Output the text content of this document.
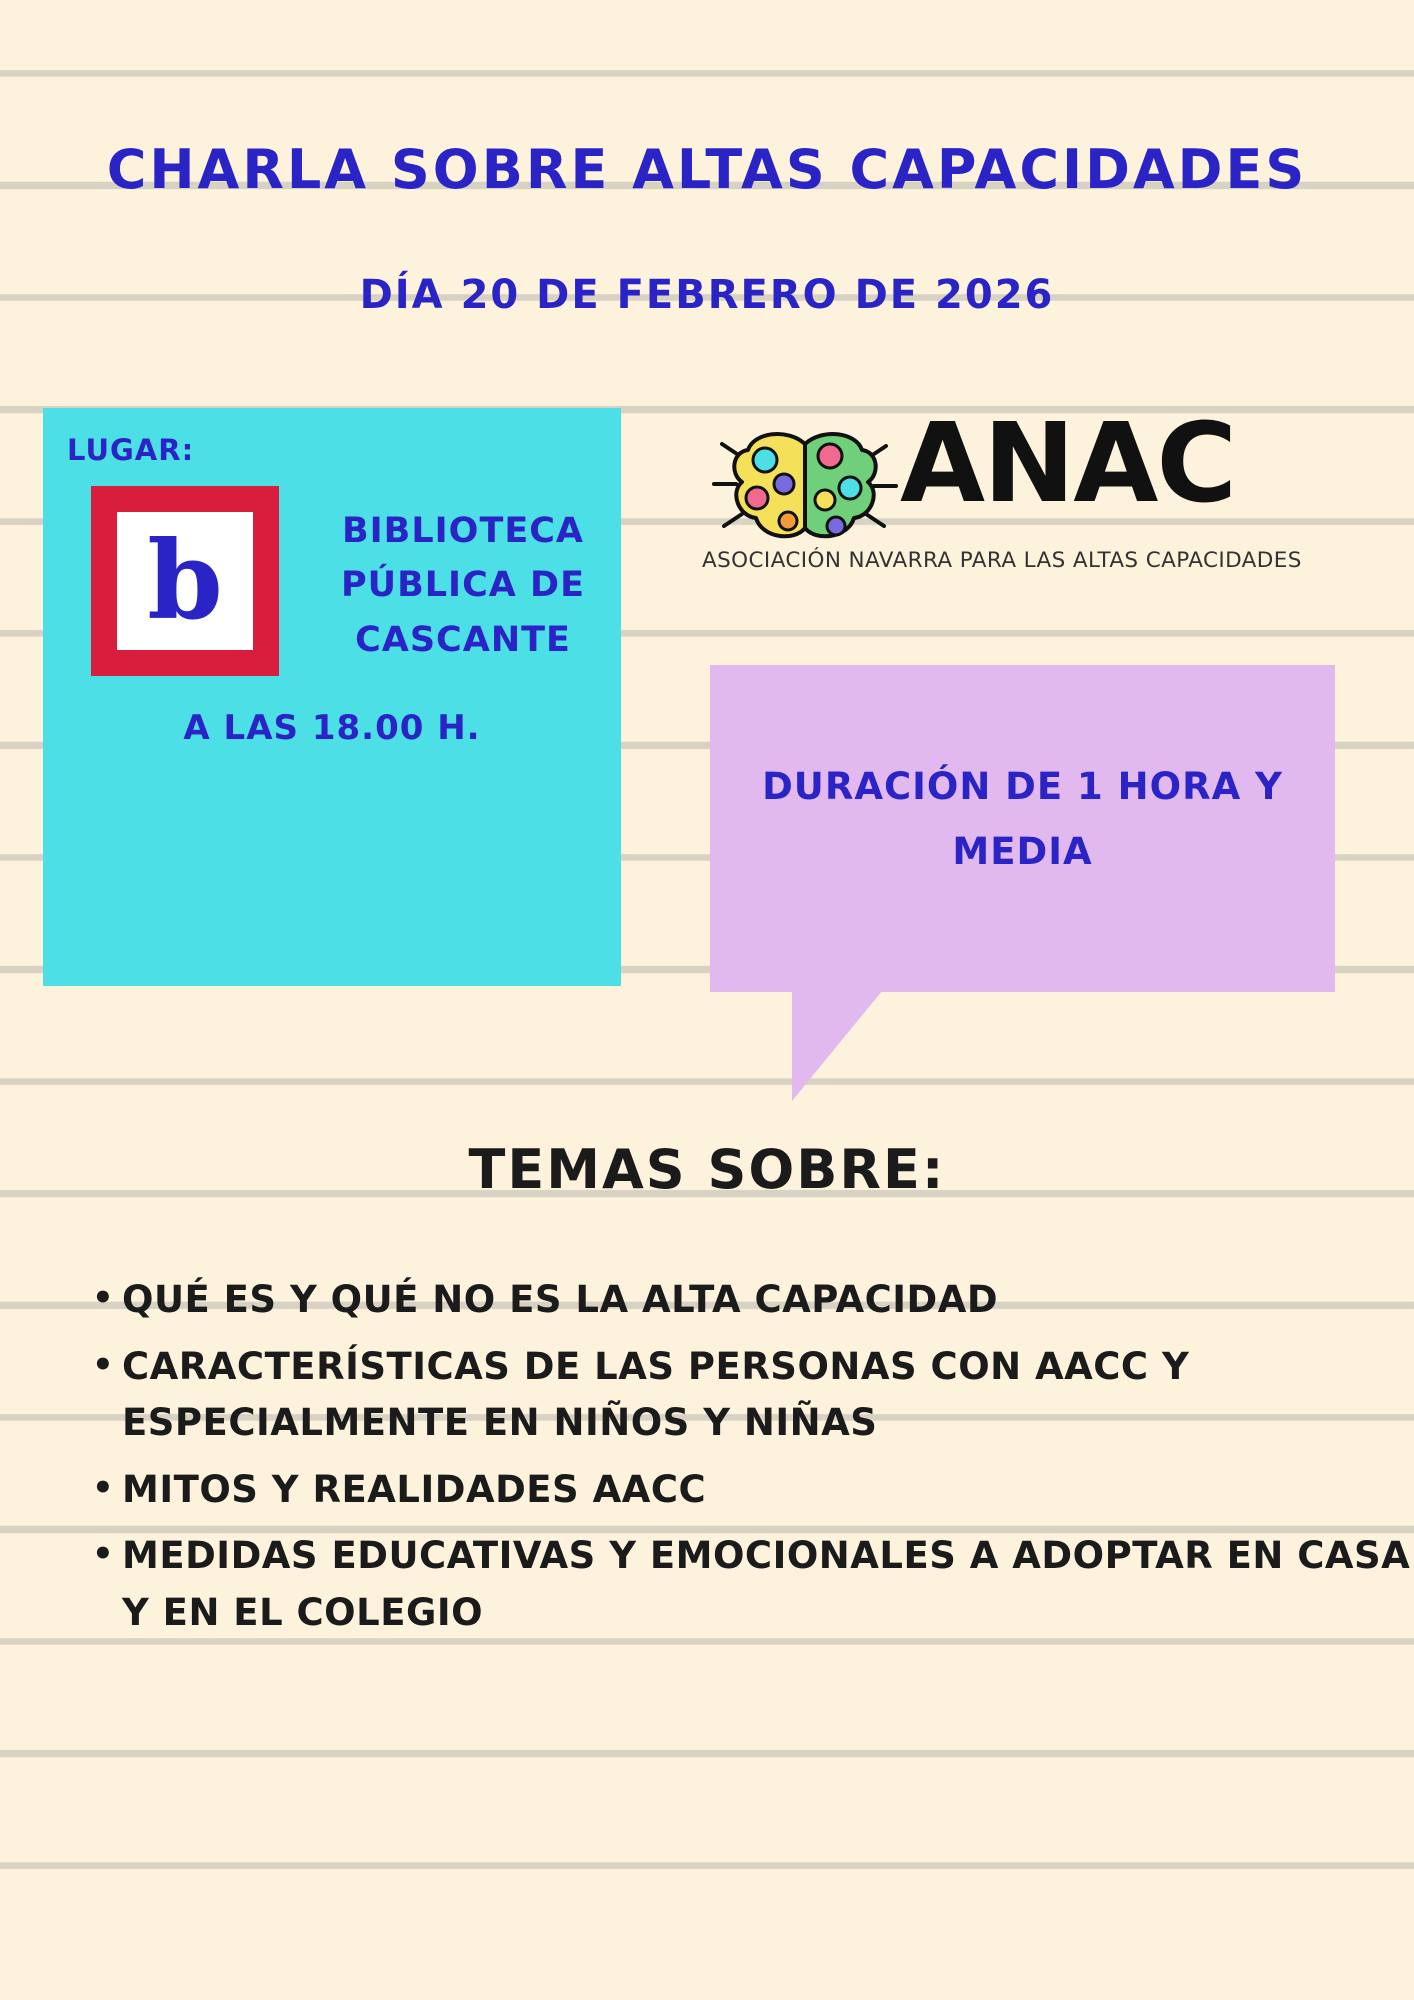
CHARLA SOBRE ALTAS CAPACIDADES
DÍA 20 DE FEBRERO DE 2026
LUGAR:
b	BIBLIOTECA PÚBLICA DE CASCANTE
A LAS 18.00 H.
ANAC
ASOCIACIÓN NAVARRA PARA LAS ALTAS CAPACIDADES
DURACIÓN DE 1 HORA Y MEDIA
TEMAS SOBRE:
• QUÉ ES Y QUÉ NO ES LA ALTA CAPACIDAD
• CARACTERÍSTICAS DE LAS PERSONAS CON AACC Y ESPECIALMENTE EN NIÑOS Y NIÑAS
• MITOS Y REALIDADES AACC
• MEDIDAS EDUCATIVAS Y EMOCIONALES A ADOPTAR EN CASA Y EN EL COLEGIO
